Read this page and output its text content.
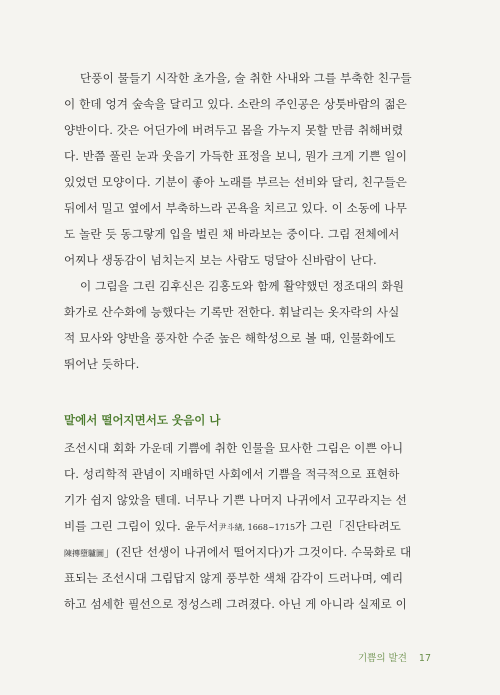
단풍이 물들기 시작한 초가을, 술 취한 사내와 그를 부축한 친구들
이 한데 엉겨 숲속을 달리고 있다. 소란의 주인공은 상툿바람의 젊은
양반이다. 갓은 어딘가에 버려두고 몸을 가누지 못할 만큼 취해버렸
다. 반쯤 풀린 눈과 웃음기 가득한 표정을 보니, 뭔가 크게 기쁜 일이
있었던 모양이다. 기분이 좋아 노래를 부르는 선비와 달리, 친구들은
뒤에서 밀고 옆에서 부축하느라 곤욕을 치르고 있다. 이 소동에 나무
도 놀란 듯 동그랗게 입을 벌린 채 바라보는 중이다. 그림 전체에서
어찌나 생동감이 넘치는지 보는 사람도 덩달아 신바람이 난다.
이 그림을 그린 김후신은 김홍도와 함께 활약했던 정조대의 화원
화가로 산수화에 능했다는 기록만 전한다. 휘날리는 옷자락의 사실
적 묘사와 양반을 풍자한 수준 높은 해학성으로 볼 때, 인물화에도
뛰어난 듯하다.
말에서 떨어지면서도 웃음이 나
조선시대 회화 가운데 기쁨에 취한 인물을 묘사한 그림은 이쁜 아니
다. 성리학적 관념이 지배하던 사회에서 기쁨을 적극적으로 표현하
기가 쉽지 않았을 텐데. 너무나 기쁜 나머지 나귀에서 고꾸라지는 선
비를 그린 그림이 있다. 윤두서尹斗緖, 1668~1715가 그린「진단타려도
陳摶墮驢圖」(진단 선생이 나귀에서 떨어지다)가 그것이다. 수묵화로 대
표되는 조선시대 그림답지 않게 풍부한 색채 감각이 드러나며, 예리
하고 섬세한 필선으로 정성스레 그려졌다. 아닌 게 아니라 실제로 이
기쁨의 발견 17
